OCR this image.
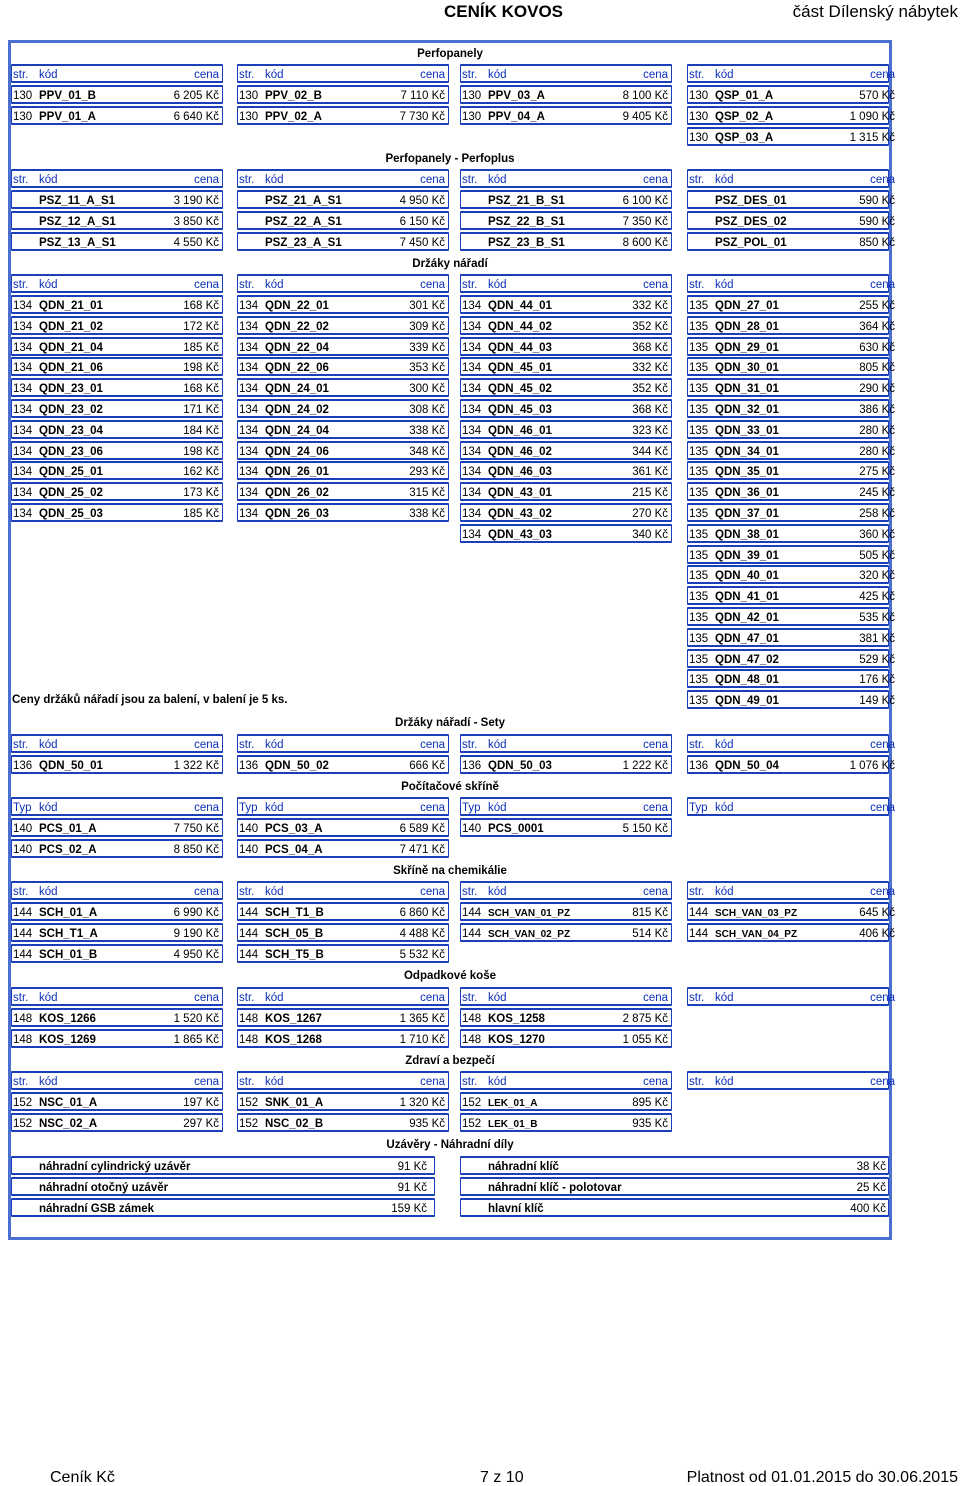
CENÍK KOVOS	část Dílenský nábytek
Perfopanely
str. kód	cena str. kód	cena str. kód	cena str. kód	cena
130 PPV_01_B	6 205 Kč 130 PPV_02_B	7 110 Kč 130 PPV_03_A	8 100 Kč 130 QSP_01_A	570 Kč
130 PPV_01_A	6 640 Kč 130 PPV_02_A	7 730 Kč 130 PPV_04_A	9 405 Kč 130 QSP_02_A	1 090 Kč
130 QSP_03_A	1 315 Kč
Perfopanely - Perfoplus
str. kód	cena str. kód	cena str. kód	cena str. kód	cena
PSZ_11_A_S1	3 190 Kč	PSZ_21_A_S1	4 950 Kč	PSZ_21_B_S1	6 100 Kč	PSZ_DES_01	590 Kč
PSZ_12_A_S1	3 850 Kč	PSZ_22_A_S1	6 150 Kč	PSZ_22_B_S1	7 350 Kč	PSZ_DES_02	590 Kč
PSZ_13_A_S1	4 550 Kč	PSZ_23_A_S1	7 450 Kč	PSZ_23_B_S1	8 600 Kč	PSZ_POL_01	850 Kč
Držáky nářadí
str. kód	cena str. kód	cena str. kód	cena str. kód	cena
134 QDN_21_01	168 Kč 134 QDN_22_01	301 Kč 134 QDN_44_01	332 Kč 135 QDN_27_01	255 Kč
134 QDN_21_02	172 Kč 134 QDN_22_02	309 Kč 134 QDN_44_02	352 Kč 135 QDN_28_01	364 Kč
134 QDN_21_04	185 Kč 134 QDN_22_04	339 Kč 134 QDN_44_03	368 Kč 135 QDN_29_01	630 Kč
134 QDN_21_06	198 Kč 134 QDN_22_06	353 Kč 134 QDN_45_01	332 Kč 135 QDN_30_01	805 Kč
134 QDN_23_01	168 Kč 134 QDN_24_01	300 Kč 134 QDN_45_02	352 Kč 135 QDN_31_01	290 Kč
134 QDN_23_02	171 Kč 134 QDN_24_02	308 Kč 134 QDN_45_03	368 Kč 135 QDN_32_01	386 Kč
134 QDN_23_04	184 Kč 134 QDN_24_04	338 Kč 134 QDN_46_01	323 Kč 135 QDN_33_01	280 Kč
134 QDN_23_06	198 Kč 134 QDN_24_06	348 Kč 134 QDN_46_02	344 Kč 135 QDN_34_01	280 Kč
134 QDN_25_01	162 Kč 134 QDN_26_01	293 Kč 134 QDN_46_03	361 Kč 135 QDN_35_01	275 Kč
134 QDN_25_02	173 Kč 134 QDN_26_02	315 Kč 134 QDN_43_01	215 Kč 135 QDN_36_01	245 Kč
134 QDN_25_03	185 Kč 134 QDN_26_03	338 Kč 134 QDN_43_02	270 Kč 135 QDN_37_01	258 Kč
134 QDN_43_03	340 Kč 135 QDN_38_01	360 Kč
135 QDN_39_01	505 Kč
135 QDN_40_01	320 Kč
135 QDN_41_01	425 Kč
135 QDN_42_01	535 Kč
135 QDN_47_01	381 Kč
135 QDN_47_02	529 Kč
135 QDN_48_01	176 Kč
135 QDN_49_01	149 Kč
Držáky nářadí - Sety
str. kód	cena str. kód	cena str. kód	cena str. kód	cena
136 QDN_50_01	1 322 Kč 136 QDN_50_02	666 Kč 136 QDN_50_03	1 222 Kč 136 QDN_50_04	1 076 Kč
Počítačové skříně
Typ kód	cena Typ kód	cena Typ kód	cena Typ kód	cena
140 PCS_01_A	7 750 Kč 140 PCS_03_A	6 589 Kč 140 PCS_0001	5 150 Kč
140 PCS_02_A	8 850 Kč 140 PCS_04_A	7 471 Kč
Skříně na chemikálie
str. kód	cena str. kód	cena str. kód	cena str. kód	cena
144 SCH_01_A	6 990 Kč 144 SCH_T1_B	6 860 Kč 144 SCH_VAN_01_PZ	815 Kč 144 SCH_VAN_03_PZ	645 Kč
144 SCH_T1_A	9 190 Kč 144 SCH_05_B	4 488 Kč 144 SCH_VAN_02_PZ	514 Kč 144 SCH_VAN_04_PZ	406 Kč
144 SCH_01_B	4 950 Kč 144 SCH_T5_B	5 532 Kč
Odpadkové koše
str. kód	cena str. kód	cena str. kód	cena str. kód	cena
148 KOS_1266	1 520 Kč 148 KOS_1267	1 365 Kč 148 KOS_1258	2 875 Kč
148 KOS_1269	1 865 Kč 148 KOS_1268	1 710 Kč 148 KOS_1270	1 055 Kč
Zdraví a bezpečí
str. kód	cena str. kód	cena str. kód	cena str. kód	cena
152 NSC_01_A	197 Kč 152 SNK_01_A	1 320 Kč 152 LEK_01_A	895 Kč
152 NSC_02_A	297 Kč 152 NSC_02_B	935 Kč 152 LEK_01_B	935 Kč
Uzávěry - Náhradní díly
náhradní cylindrický uzávěr	91 Kč	náhradní klíč	38 Kč
náhradní otočný uzávěr	91 Kč	náhradní klíč - polotovar	25 Kč
náhradní GSB zámek	159 Kč	hlavní klíč	400 Kč
Ceny držáků nářadí jsou za balení, v balení je 5 ks.
Ceník Kč	7 z 10	Platnost od 01.01.2015 do 30.06.2015
